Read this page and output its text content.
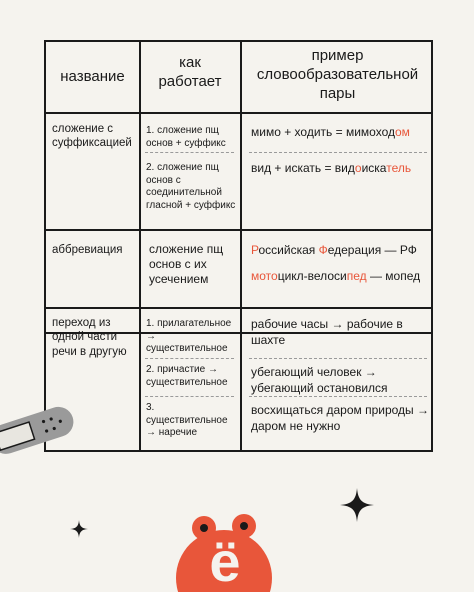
название
как работает
пример словообразовательной пары
сложение с суффиксацией
1. сложение пщ основ + суффикс
2. сложение пщ основ с соединительной гласной + суффикс
мимо + ходить = мимоходом
вид + искать = видоискатель
аббревиация	сложение пщ основ с их усечением
Российская Федерация — РФ
мотоцикл-велосипед — мопед
переход из одной части речи в другую
1. прилагательное → существительное
2. причастие → существительное
3. существительное → наречие
рабочие часы → рабочие в шахте
убегающий человек → убегающий остановился
восхищаться даром природы → даром не нужно
ё
